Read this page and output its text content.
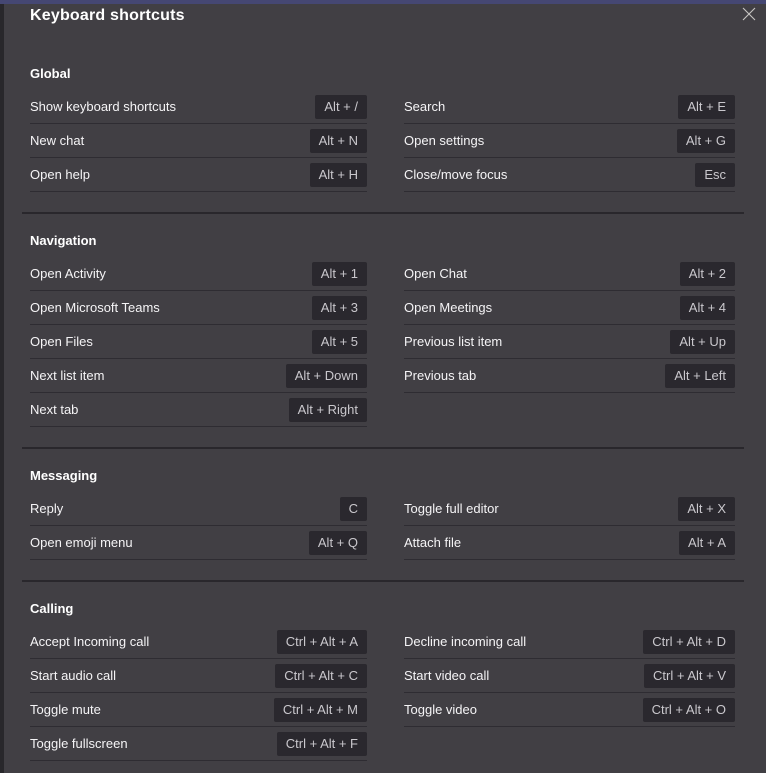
Keyboard shortcuts
Global
Show keyboard shortcuts	Alt + /
New chat	Alt + N
Open help	Alt + H
Search	Alt + E
Open settings	Alt + G
Close/move focus	Esc
Navigation
Open Activity	Alt + 1
Open Microsoft Teams	Alt + 3
Open Files	Alt + 5
Next list item	Alt + Down
Next tab	Alt + Right
Open Chat	Alt + 2
Open Meetings	Alt + 4
Previous list item	Alt + Up
Previous tab	Alt + Left
Messaging
Reply	C
Open emoji menu	Alt + Q
Toggle full editor	Alt + X
Attach file	Alt + A
Calling
Accept Incoming call	Ctrl + Alt + A
Start audio call	Ctrl + Alt + C
Toggle mute	Ctrl + Alt + M
Toggle fullscreen	Ctrl + Alt + F
Decline incoming call	Ctrl + Alt + D
Start video call	Ctrl + Alt + V
Toggle video	Ctrl + Alt + O
